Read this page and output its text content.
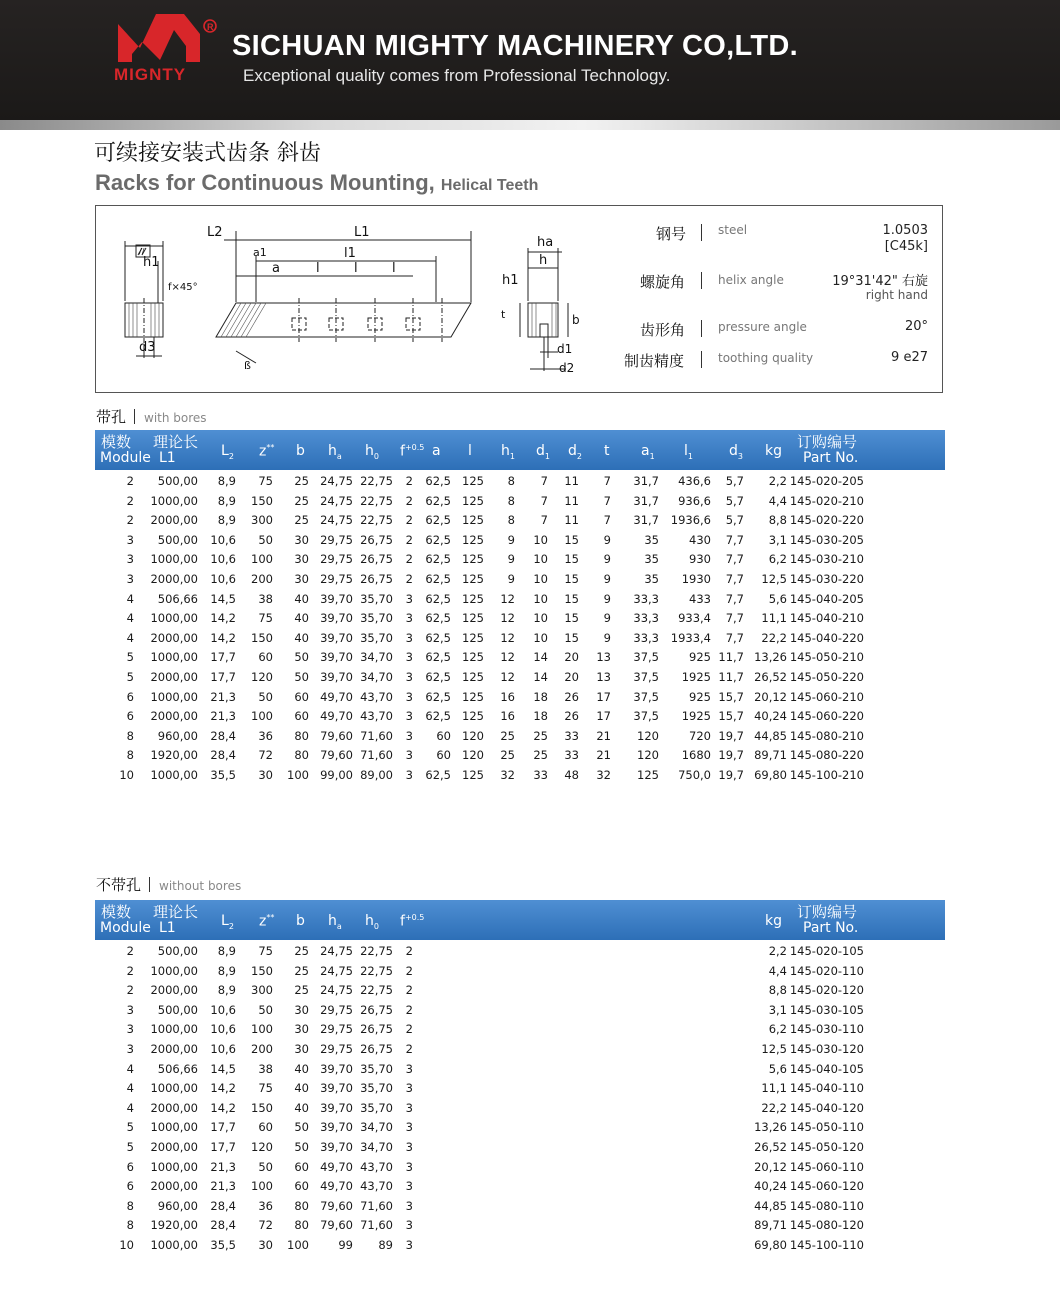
R
MIGNTY
SICHUAN MIGHTY MACHINERY CO,LTD.
Exceptional quality comes from Professional Technology.
可续接安装式齿条 斜齿
Racks for Continuous Mounting, Helical Teeth
h1
f×45°
d3
//
L2	L1
l1
a1
a	l	l	l
ß
ha
h
h1
t	b
d1
d2
钢号	steel	1.0503
[C45k]
螺旋角	helix angle	19°31'42" 右旋
right hand
齿形角	pressure angle	20°
制齿精度	toothing quality	9 e27
带孔 with bores
模数
Module
理论长
L1	$L_2$ z** b $h_a$ $h_0$ $f^{+0.5}$ a l $h_1$ $d_1$ $d_2$ t $a_1$ $l_1$	$d_3$ kg 订购编号
Part No.
2 500,00 8,9 75 25 24,75 22,75 2 62,5 125 8 7 11 7 31,7 436,6 5,7 2,2 145-020-205
2 1000,00 8,9 150 25 24,75 22,75 2 62,5 125 8 7 11 7 31,7 936,6 5,7 4,4 145-020-210
2 2000,00 8,9 300 25 24,75 22,75 2 62,5 125 8 7 11 7 31,7 1936,6 5,7 8,8 145-020-220
3 500,00 10,6 50 30 29,75 26,75 2 62,5 125 9 10 15 9	35	430 7,7 3,1 145-030-205
3 1000,00 10,6 100 30 29,75 26,75 2 62,5 125 9 10 15 9	35	930 7,7 6,2 145-030-210
3 2000,00 10,6 200 30 29,75 26,75 2 62,5 125 9 10 15 9	35 1930 7,7 12,5 145-030-220
4 506,66 14,5 38 40 39,70 35,70 3 62,5 125 12 10 15 9 33,3	433 7,7 5,6 145-040-205
4 1000,00 14,2 75 40 39,70 35,70 3 62,5 125 12 10 15 9 33,3 933,4 7,7 11,1 145-040-210
4 2000,00 14,2 150 40 39,70 35,70 3 62,5 125 12 10 15 9 33,3 1933,4 7,7 22,2 145-040-220
5 1000,00 17,7 60 50 39,70 34,70 3 62,5 125 12 14 20 13 37,5	925 11,7 13,26 145-050-210
5 2000,00 17,7 120 50 39,70 34,70 3 62,5 125 12 14 20 13 37,5 1925 11,7 26,52 145-050-220
6 1000,00 21,3 50 60 49,70 43,70 3 62,5 125 16 18 26 17 37,5	925 15,7 20,12 145-060-210
6 2000,00 21,3 100 60 49,70 43,70 3 62,5 125 16 18 26 17 37,5 1925 15,7 40,24 145-060-220
8 960,00 28,4 36 80 79,60 71,60 3 60 120 25 25 33 21 120	720 19,7 44,85 145-080-210
8 1920,00 28,4 72 80 79,60 71,60 3 60 120 25 25 33 21 120 1680 19,7 89,71 145-080-220
10 1000,00 35,5 30 100 99,00 89,00 3 62,5 125 32 33 48 32 125 750,0 19,7 69,80 145-100-210
不带孔 without bores
模数
Module
理论长
L1	$L_2$ z** b $h_a$ $h_0$ $f^{+0.5}$	kg 订购编号
Part No.
2 500,00 8,9 75 25 24,75 22,75 2	2,2 145-020-105
2 1000,00 8,9 150 25 24,75 22,75 2	4,4 145-020-110
2 2000,00 8,9 300 25 24,75 22,75 2	8,8 145-020-120
3 500,00 10,6 50 30 29,75 26,75 2	3,1 145-030-105
3 1000,00 10,6 100 30 29,75 26,75 2	6,2 145-030-110
3 2000,00 10,6 200 30 29,75 26,75 2	12,5 145-030-120
4 506,66 14,5 38 40 39,70 35,70 3	5,6 145-040-105
4 1000,00 14,2 75 40 39,70 35,70 3	11,1 145-040-110
4 2000,00 14,2 150 40 39,70 35,70 3	22,2 145-040-120
5 1000,00 17,7 60 50 39,70 34,70 3	13,26 145-050-110
5 2000,00 17,7 120 50 39,70 34,70 3	26,52 145-050-120
6 1000,00 21,3 50 60 49,70 43,70 3	20,12 145-060-110
6 2000,00 21,3 100 60 49,70 43,70 3	40,24 145-060-120
8 960,00 28,4 36 80 79,60 71,60 3	44,85 145-080-110
8 1920,00 28,4 72 80 79,60 71,60 3	89,71 145-080-120
10 1000,00 35,5 30 100	99 89 3	69,80 145-100-110
